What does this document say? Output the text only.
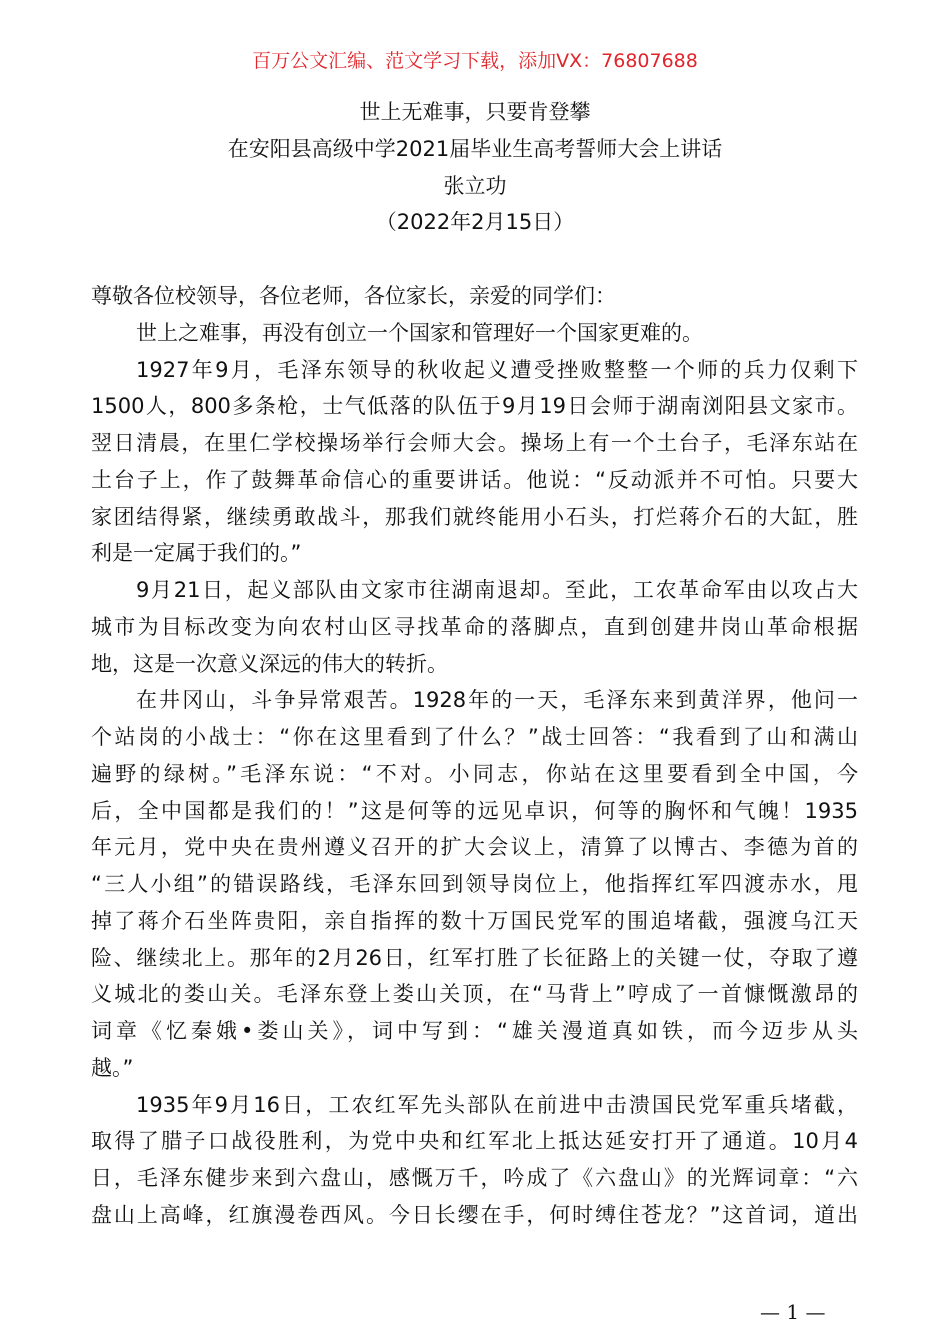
百万公文汇编、范文学习下载，添加VX：76807688
世上无难事，只要肯登攀
在安阳县高级中学2021届毕业生高考誓师大会上讲话
张立功
（2022年2月15日）
尊敬各位校领导，各位老师，各位家长，亲爱的同学们：
世上之难事，再没有创立一个国家和管理好一个国家更难的。
1927年9月，毛泽东领导的秋收起义遭受挫败整整一个师的兵力仅剩下
1500人，800多条枪，士气低落的队伍于9月19日会师于湖南浏阳县文家市。
翌日清晨，在里仁学校操场举行会师大会。操场上有一个土台子，毛泽东站在
土台子上，作了鼓舞革命信心的重要讲话。他说：“反动派并不可怕。只要大
家团结得紧，继续勇敢战斗，那我们就终能用小石头，打烂蒋介石的大缸，胜
利是一定属于我们的。”
9月21日，起义部队由文家市往湖南退却。至此，工农革命军由以攻占大
城市为目标改变为向农村山区寻找革命的落脚点，直到创建井岗山革命根据
地，这是一次意义深远的伟大的转折。
在井冈山，斗争异常艰苦。1928年的一天，毛泽东来到黄洋界，他问一
个站岗的小战士：“你在这里看到了什么？”战士回答：“我看到了山和满山
遍野的绿树。”毛泽东说：“不对。小同志，你站在这里要看到全中国，今
后，全中国都是我们的！”这是何等的远见卓识，何等的胸怀和气魄！1935
年元月，党中央在贵州遵义召开的扩大会议上，清算了以博古、李德为首的
“三人小组”的错误路线，毛泽东回到领导岗位上，他指挥红军四渡赤水，甩
掉了蒋介石坐阵贵阳，亲自指挥的数十万国民党军的围追堵截，强渡乌江天
险、继续北上。那年的2月26日，红军打胜了长征路上的关键一仗，夺取了遵
义城北的娄山关。毛泽东登上娄山关顶，在“马背上”哼成了一首慷慨激昂的
词章《忆秦娥•娄山关》，词中写到：“雄关漫道真如铁，而今迈步从头
越。”
1935年9月16日，工农红军先头部队在前进中击溃国民党军重兵堵截，
取得了腊子口战役胜利，为党中央和红军北上抵达延安打开了通道。10月4
日，毛泽东健步来到六盘山，感慨万千，吟成了《六盘山》的光辉词章：“六
盘山上高峰，红旗漫卷西风。今日长缨在手，何时缚住苍龙？”这首词，道出
— 1 —
